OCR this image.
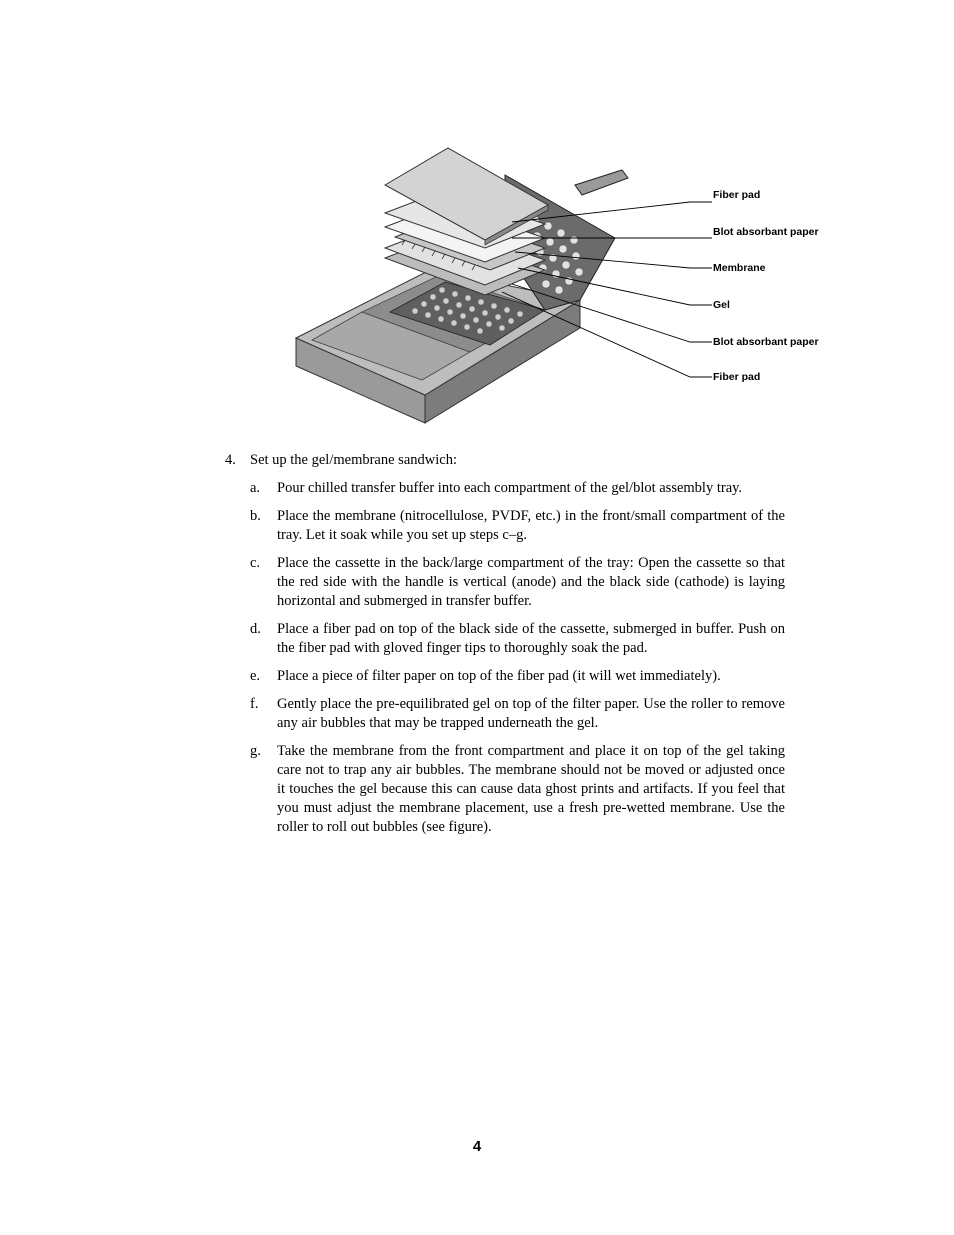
Fiber pad
Blot absorbant paper
Membrane
Gel
Blot absorbant paper
Fiber pad
4. Set up the gel/membrane sandwich:
a.	Pour chilled transfer buffer into each compartment of the gel/blot assembly tray.
b.	Place the membrane (nitrocellulose, PVDF, etc.) in the front/small compartment of the tray. Let it soak while you set up steps c–g.
c.	Place the cassette in the back/large compartment of the tray: Open the cassette so that the red side with the handle is vertical (anode) and the black side (cathode) is laying horizontal and submerged in transfer buffer.
d.	Place a fiber pad on top of the black side of the cassette, submerged in buffer. Push on the fiber pad with gloved finger tips to thoroughly soak the pad.
e.	Place a piece of filter paper on top of the fiber pad (it will wet immediately).
f.	Gently place the pre-equilibrated gel on top of the filter paper. Use the roller to remove any air bubbles that may be trapped underneath the gel.
g.	Take the membrane from the front compartment and place it on top of the gel taking care not to trap any air bubbles. The membrane should not be moved or adjusted once it touches the gel because this can cause data ghost prints and artifacts. If you feel that you must adjust the membrane placement, use a fresh pre-wetted membrane. Use the roller to roll out bubbles (see figure).
4
